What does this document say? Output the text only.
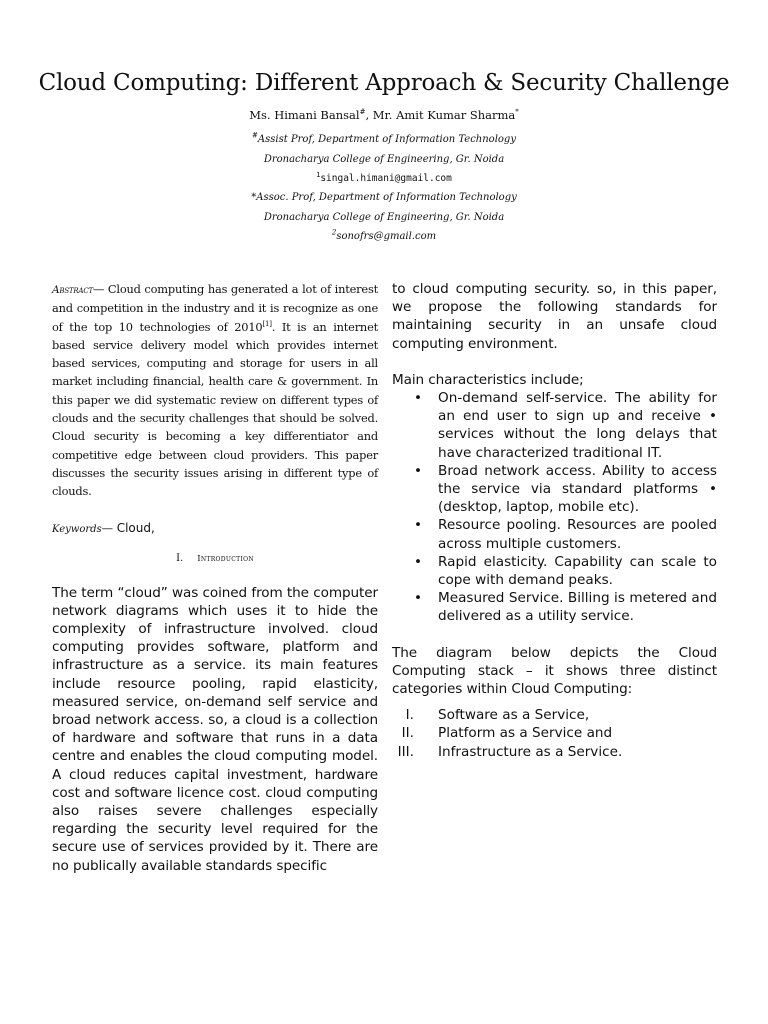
Cloud Computing: Different Approach & Security Challenge

Ms. Himani Bansal#, Mr. Amit Kumar Sharma*

#Assist Prof, Department of Information Technology

Dronacharya College of Engineering, Gr. Noida

$^1$singal.himani@gmail.com

*Assoc. Prof, Department of Information Technology

Dronacharya College of Engineering, Gr. Noida

$^2$sonofrs@gmail.com

Abstract— Cloud computing has generated a lot of interest and competition in the industry and it is recognize as one of the top 10 technologies of 2010[1]. It is an internet based service delivery model which provides internet based services, computing and storage for users in all market including financial, health care & government. In this paper we did systematic review on different types of clouds and the security challenges that should be solved. Cloud security is becoming a key differentiator and competitive edge between cloud providers. This paper discusses the security issues arising in different type of clouds.

Keywords— Cloud,

I. Introduction

The term “cloud” was coined from the computer network diagrams which uses it to hide the complexity of infrastructure involved. cloud computing provides software, platform and infrastructure as a service. its main features include resource pooling, rapid elasticity, measured service, on-demand self service and broad network access. so, a cloud is a collection of hardware and software that runs in a data centre and enables the cloud computing model. A cloud reduces capital investment, hardware cost and software licence cost. cloud computing also raises severe challenges especially regarding the security level required for the secure use of services provided by it. There are no publically available standards specific

to cloud computing security. so, in this paper, we propose the following standards for maintaining security in an unsafe cloud computing environment.

Main characteristics include;

• On-demand self-service. The ability for an end user to sign up and receive • services without the long delays that have characterized traditional IT.
• Broad network access. Ability to access the service via standard platforms • (desktop, laptop, mobile etc).
• Resource pooling. Resources are pooled across multiple customers.
• Rapid elasticity. Capability can scale to cope with demand peaks.
• Measured Service. Billing is metered and delivered as a utility service.

The diagram below depicts the Cloud Computing stack – it shows three distinct categories within Cloud Computing:

I. Software as a Service,
II. Platform as a Service and
III. Infrastructure as a Service.
